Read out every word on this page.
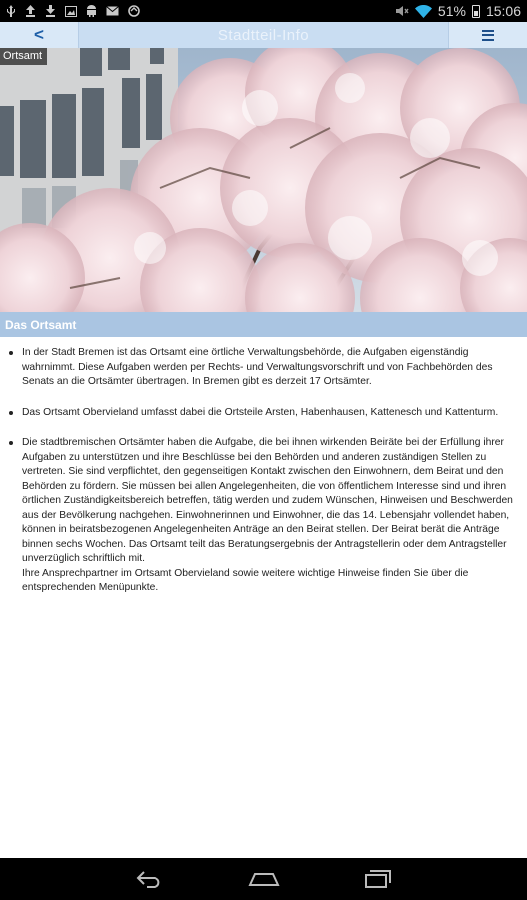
51% 15:06
<	Stadtteil-Info
Ortsamt
Das Ortsamt

In der Stadt Bremen ist das Ortsamt eine örtliche Verwaltungsbehörde, die Aufgaben eigenständig wahrnimmt. Diese Aufgaben werden per Rechts- und Verwaltungsvorschrift und von Fachbehörden des Senats an die Ortsämter übertragen. In Bremen gibt es derzeit 17 Ortsämter.

Das Ortsamt Obervieland umfasst dabei die Ortsteile Arsten, Habenhausen, Kattenesch und Kattenturm.

Die stadtbremischen Ortsämter haben die Aufgabe, die bei ihnen wirkenden Beiräte bei der Erfüllung ihrer Aufgaben zu unterstützen und ihre Beschlüsse bei den Behörden und anderen zuständigen Stellen zu vertreten. Sie sind verpflichtet, den gegenseitigen Kontakt zwischen den Einwohnern, dem Beirat und den Behörden zu fördern. Sie müssen bei allen Angelegenheiten, die von öffentlichem Interesse sind und ihren örtlichen Zuständigkeitsbereich betreffen, tätig werden und zudem Wünschen, Hinweisen und Beschwerden aus der Bevölkerung nachgehen. Einwohnerinnen und Einwohner, die das 14. Lebensjahr vollendet haben, können in beiratsbezogenen Angelegenheiten Anträge an den Beirat stellen. Der Beirat berät die Anträge binnen sechs Wochen. Das Ortsamt teilt das Beratungsergebnis der Antragstellerin oder dem Antragsteller unverzüglich schriftlich mit.

Ihre Ansprechpartner im Ortsamt Obervieland sowie weitere wichtige Hinweise finden Sie über die entsprechenden Menüpunkte.
